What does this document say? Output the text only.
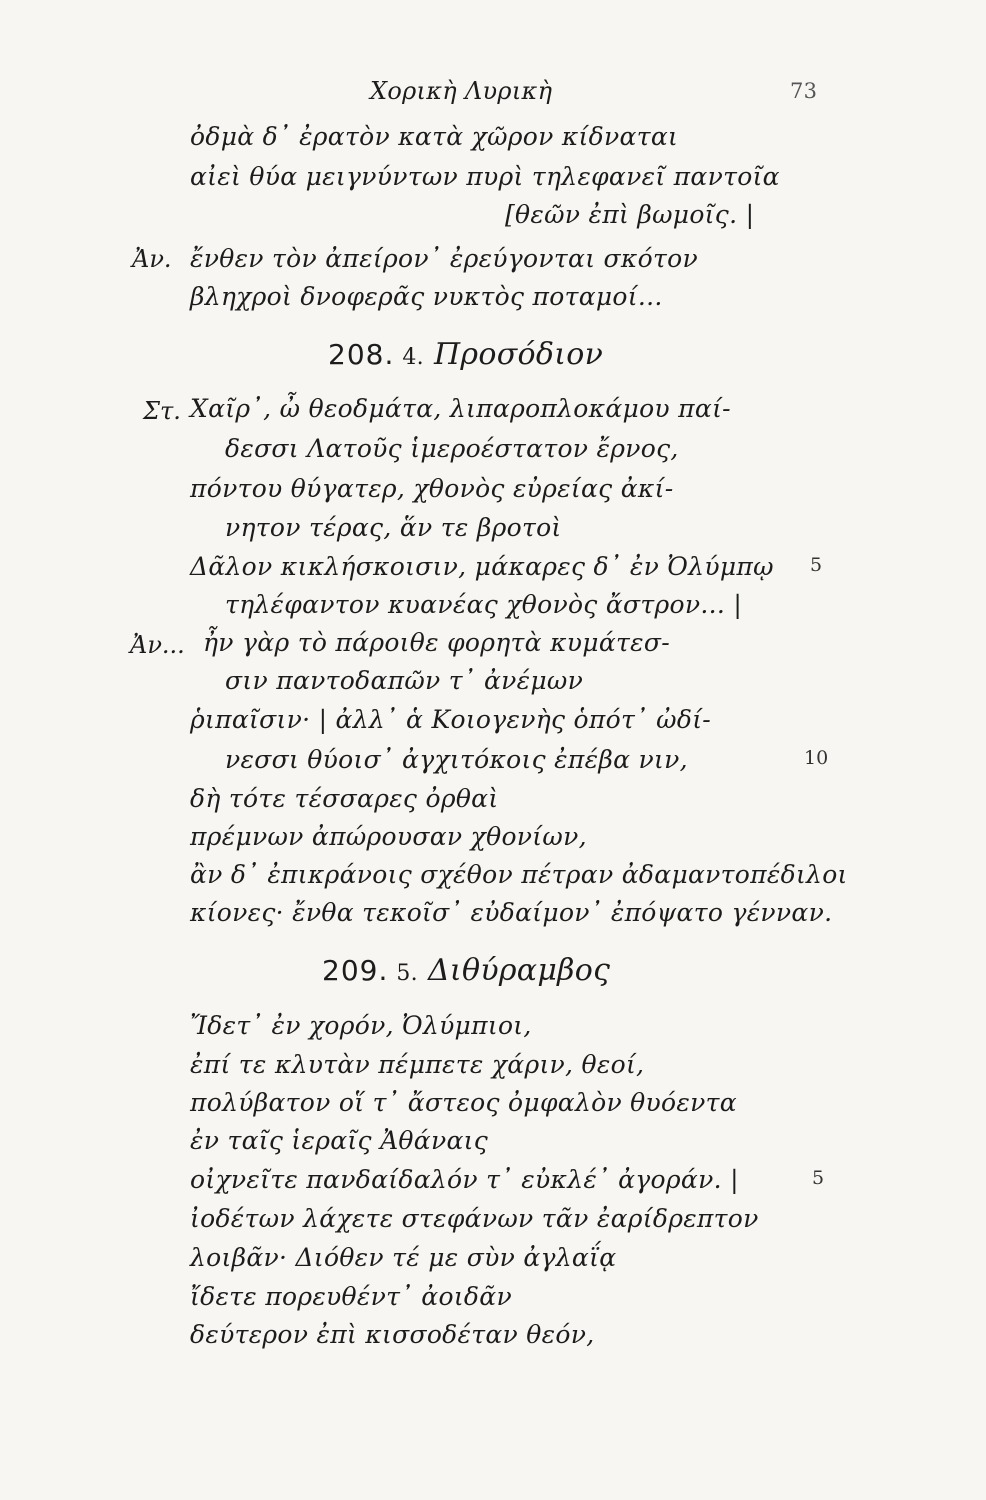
Χορικὴ Λυρικὴ	73
ὀδμὰ δ᾽ ἐρατὸν κατὰ χῶρον κίδναται
αἰεὶ θύα μειγνύντων πυρὶ τηλεφανεῖ παντοῖα
[θεῶν ἐπὶ βωμοῖς. |
Ἀν. ἔνθεν τὸν ἀπείρον᾽ ἐρεύγονται σκότον
βληχροὶ δνοφερᾶς νυκτὸς ποταμοί...
208. 4. Προσόδιον
Στ. Χαῖρ᾽, ὦ θεοδμάτα, λιπαροπλοκάμου παί-
δεσσι Λατοῦς ἱμεροέστατον ἔρνος,
πόντου θύγατερ, χθονὸς εὐρείας ἀκί-
νητον τέρας, ἅν τε βροτοὶ
Δᾶλον κικλήσκοισιν, μάκαρες δ᾽ ἐν Ὀλύμπῳ 5
τηλέφαντον κυανέας χθονὸς ἄστρον... |
Ἀν... ἦν γὰρ τὸ πάροιθε φορητὰ κυμάτεσ-
σιν παντοδαπῶν τ᾽ ἀνέμων
ῥιπαῖσιν· | ἀλλ᾽ ἁ Κοιογενὴς ὁπότ᾽ ὠδί-
νεσσι θύοισ᾽ ἀγχιτόκοις ἐπέβα νιν,	10
δὴ τότε τέσσαρες ὀρθαὶ
πρέμνων ἀπώρουσαν χθονίων,
ἂν δ᾽ ἐπικράνοις σχέθον πέτραν ἀδαμαντοπέδιλοι
κίονες· ἔνθα τεκοῖσ᾽ εὐδαίμον᾽ ἐπόψατο γένναν.
209. 5. Διθύραμβος
Ἴδετ᾽ ἐν χορόν, Ὀλύμπιοι,
ἐπί τε κλυτὰν πέμπετε χάριν, θεοί,
πολύβατον οἵ τ᾽ ἄστεος ὀμφαλὸν θυόεντα
ἐν ταῖς ἱεραῖς Ἀθάναις
οἰχνεῖτε πανδαίδαλόν τ᾽ εὐκλέ᾽ ἀγοράν. |	5
ἰοδέτων λάχετε στεφάνων τᾶν ἐαρίδρεπτον
λοιβᾶν· Διόθεν τέ με σὺν ἀγλαΐᾳ
ἴδετε πορευθέντ᾽ ἀοιδᾶν
δεύτερον ἐπὶ κισσοδέταν θεόν,
